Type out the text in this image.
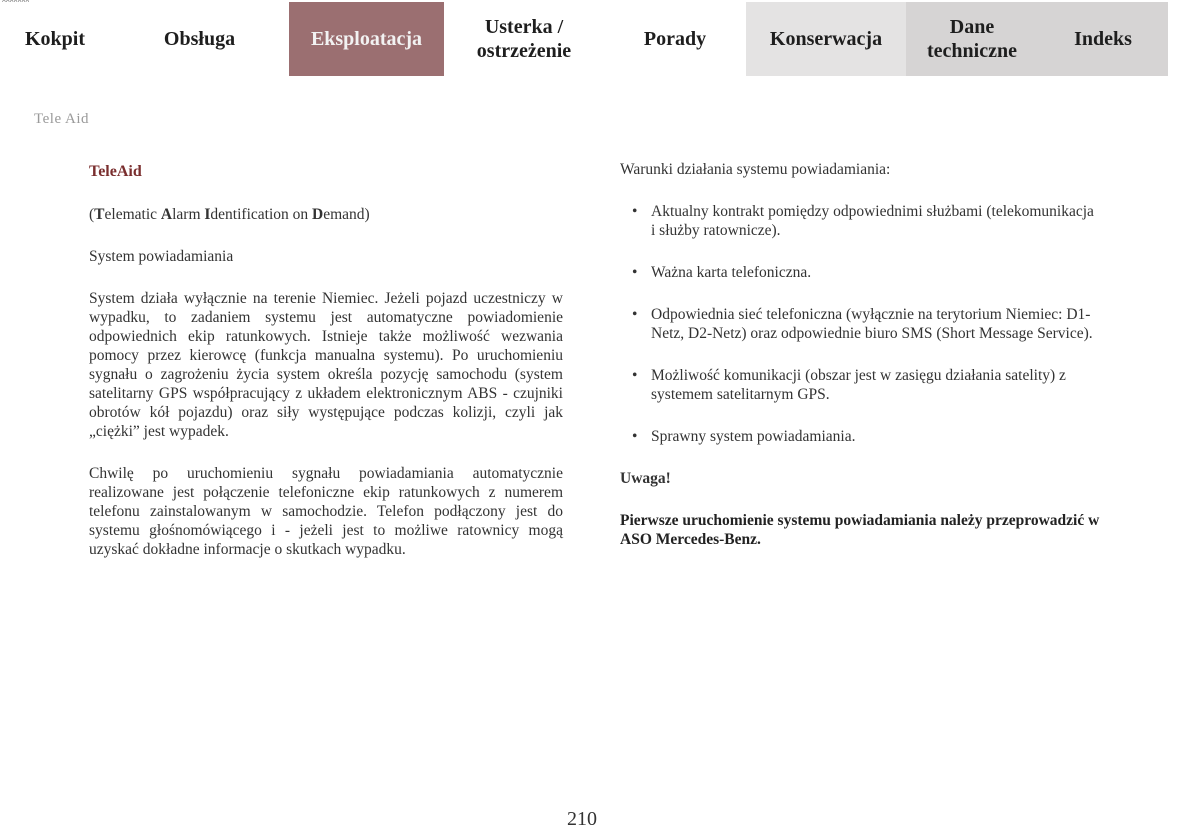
Kokpit	Obsługa	Eksploatacja
Usterka / ostrzeżenie
Porady	Konserwacja
Dane techniczne
Indeks
Tele Aid
TeleAid
(Telematic Alarm Identification on Demand)
System powiadamiania
System działa wyłącznie na terenie Niemiec. Jeżeli pojazd uczestniczy w wypadku, to zadaniem systemu jest automatyczne powiadomienie odpowiednich ekip ratunkowych. Istnieje także możliwość wezwania pomocy przez kierowcę (funkcja manualna systemu). Po uruchomieniu sygnału o zagrożeniu życia system określa pozycję samochodu (system satelitarny GPS współpracujący z układem elektronicznym ABS - czujniki obrotów kół pojazdu) oraz siły występujące podczas kolizji, czyli jak „ciężki” jest wypadek.
Chwilę po uruchomieniu sygnału powiadamiania automatycznie realizowane jest połączenie telefoniczne ekip ratunkowych z numerem telefonu zainstalowanym w samochodzie. Telefon podłączony jest do systemu głośnomówiącego i - jeżeli jest to możliwe ratownicy mogą uzyskać dokładne informacje o skutkach wypadku.
Warunki działania systemu powiadamiania:
• Aktualny kontrakt pomiędzy odpowiednimi służbami (telekomunikacja i służby ratownicze).
• Ważna karta telefoniczna.
• Odpowiednia sieć telefoniczna (wyłącznie na terytorium Niemiec: D1-Netz, D2-Netz) oraz odpowiednie biuro SMS (Short Message Service).
• Możliwość komunikacji (obszar jest w zasięgu działania satelity) z systemem satelitarnym GPS.
• Sprawny system powiadamiania.
Uwaga!
Pierwsze uruchomienie systemu powiadamiania należy przeprowadzić w ASO Mercedes-Benz.
210
